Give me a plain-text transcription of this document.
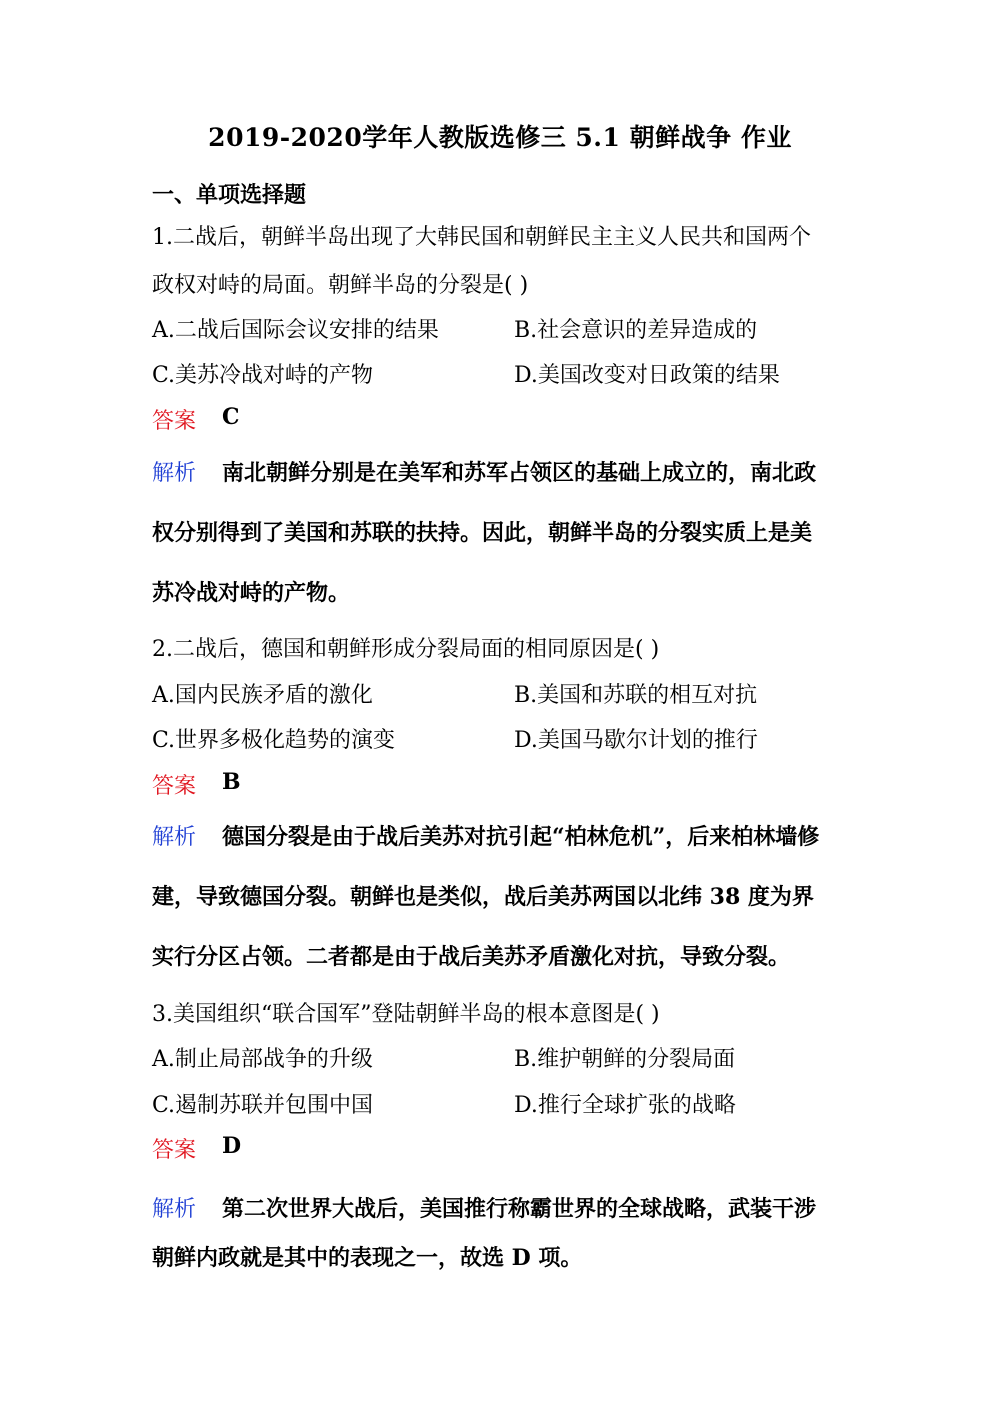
2019-2020学年人教版选修三 5.1 朝鲜战争 作业
一、单项选择题
1.二战后，朝鲜半岛出现了大韩民国和朝鲜民主主义人民共和国两个
政权对峙的局面。朝鲜半岛的分裂是( )
A.二战后国际会议安排的结果	B.社会意识的差异造成的
C.美苏冷战对峙的产物	D.美国改变对日政策的结果
答案 C
解析 南北朝鲜分别是在美军和苏军占领区的基础上成立的，南北政
权分别得到了美国和苏联的扶持。因此，朝鲜半岛的分裂实质上是美
苏冷战对峙的产物。
2.二战后，德国和朝鲜形成分裂局面的相同原因是( )
A.国内民族矛盾的激化	B.美国和苏联的相互对抗
C.世界多极化趋势的演变	D.美国马歇尔计划的推行
答案 B
解析 德国分裂是由于战后美苏对抗引起“柏林危机”，后来柏林墙修
建，导致德国分裂。朝鲜也是类似，战后美苏两国以北纬 38 度为界
实行分区占领。二者都是由于战后美苏矛盾激化对抗，导致分裂。
3.美国组织“联合国军”登陆朝鲜半岛的根本意图是( )
A.制止局部战争的升级	B.维护朝鲜的分裂局面
C.遏制苏联并包围中国	D.推行全球扩张的战略
答案 D
解析 第二次世界大战后，美国推行称霸世界的全球战略，武装干涉
朝鲜内政就是其中的表现之一，故选 D 项。
